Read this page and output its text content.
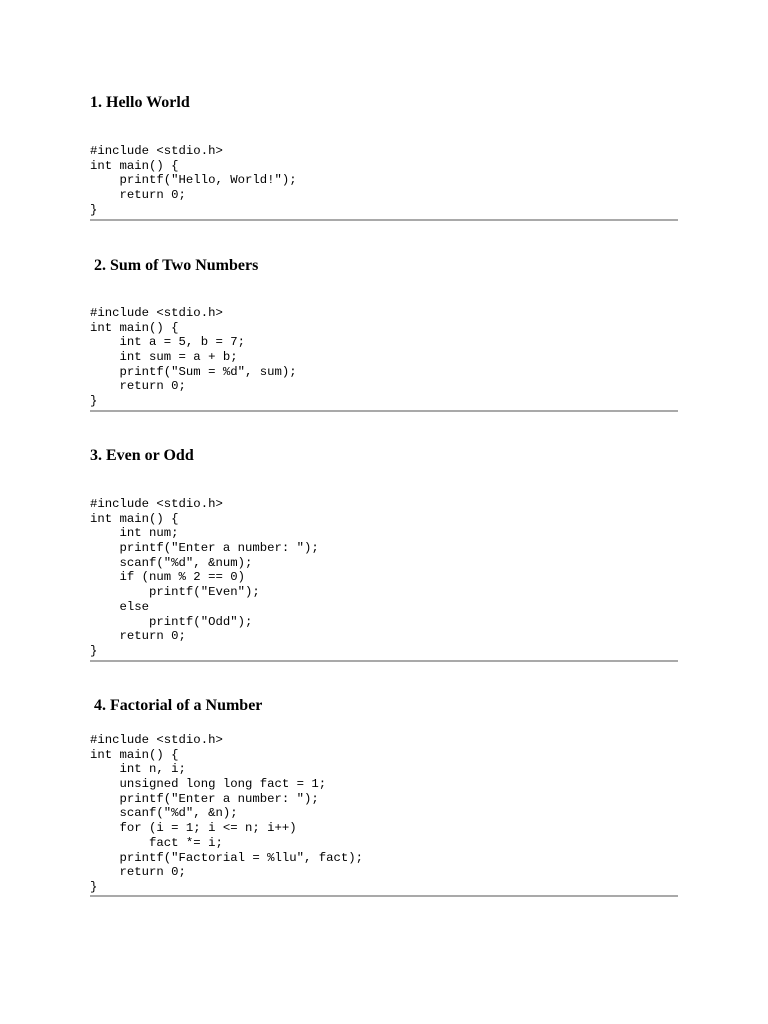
1. Hello World
#include <stdio.h>
int main() {
printf("Hello, World!");
return 0;
}
2. Sum of Two Numbers
#include <stdio.h>
int main() {
int a = 5, b = 7;
int sum = a + b;
printf("Sum = %d", sum);
return 0;
}
3. Even or Odd
#include <stdio.h>
int main() {
int num;
printf("Enter a number: ");
scanf("%d", &num);
if (num % 2 == 0)
printf("Even");
else
printf("Odd");
return 0;
}
4. Factorial of a Number
#include <stdio.h>
int main() {
int n, i;
unsigned long long fact = 1;
printf("Enter a number: ");
scanf("%d", &n);
for (i = 1; i <= n; i++)
fact *= i;
printf("Factorial = %llu", fact);
return 0;
}
